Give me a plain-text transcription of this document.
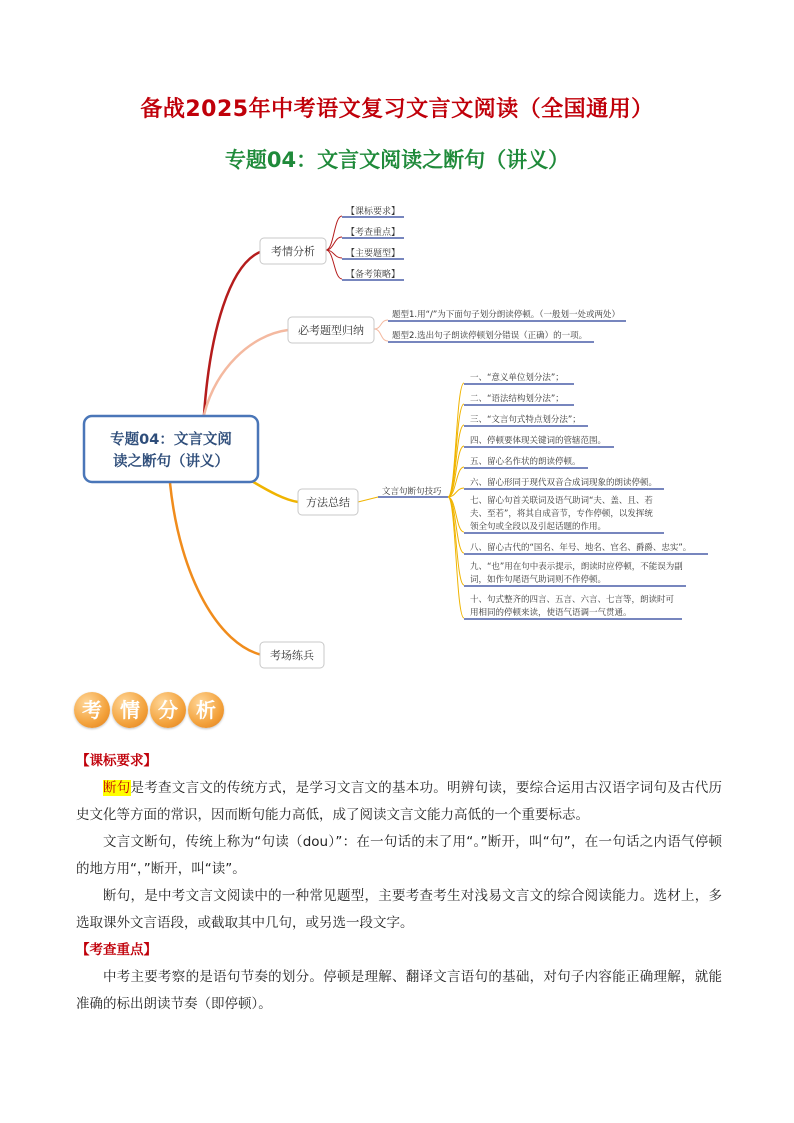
备战2025年中考语文复习文言文阅读（全国通用）
专题04：文言文阅读之断句（讲义）
【课标要求】
【考查重点】
【主要题型】
【备考策略】
题型1.用“/”为下面句子划分朗读停顿。（一般划一处或两处）
题型2.选出句子朗读停顿划分错误（正确）的一项。
文言句断句技巧
一、“意义单位划分法”；
二、“语法结构划分法”；
三、“文言句式特点划分法”；
四、停顿要体现关键词的管辖范围。
五、留心名作状的朗读停顿。
六、留心形同于现代双音合成词现象的朗读停顿。
七、留心句首关联词及语气助词“夫、盖、且、若
夫、至若”，将其自成音节，专作停顿，以发挥统
领全句或全段以及引起话题的作用。
八、留心古代的“国名、年号、地名、官名、爵爵、忠实”。
九、“也”用在句中表示提示，朗读时应停顿，不能误为副
词，如作句尾语气助词则不作停顿。
十、句式整齐的四言、五言、六言、七言等，朗读时可
用相同的停顿来读，使语气语调一气贯通。
考情分析
必考题型归纳
方法总结
考场练兵
专题04：文言文阅
读之断句（讲义）
考 情 分 析
【课标要求】

断句是考查文言文的传统方式，是学习文言文的基本功。明辨句读，要综合运用古汉语字词句及古代历史文化等方面的常识，因而断句能力高低，成了阅读文言文能力高低的一个重要标志。

文言文断句，传统上称为“句读（dou）”：在一句话的末了用“。”断开，叫“句”，在一句话之内语气停顿的地方用“，”断开，叫“读”。

断句，是中考文言文阅读中的一种常见题型，主要考查考生对浅易文言文的综合阅读能力。选材上，多选取课外文言语段，或截取其中几句，或另选一段文字。

【考查重点】

中考主要考察的是语句节奏的划分。停顿是理解、翻译文言语句的基础，对句子内容能正确理解，就能准确的标出朗读节奏（即停顿）。
